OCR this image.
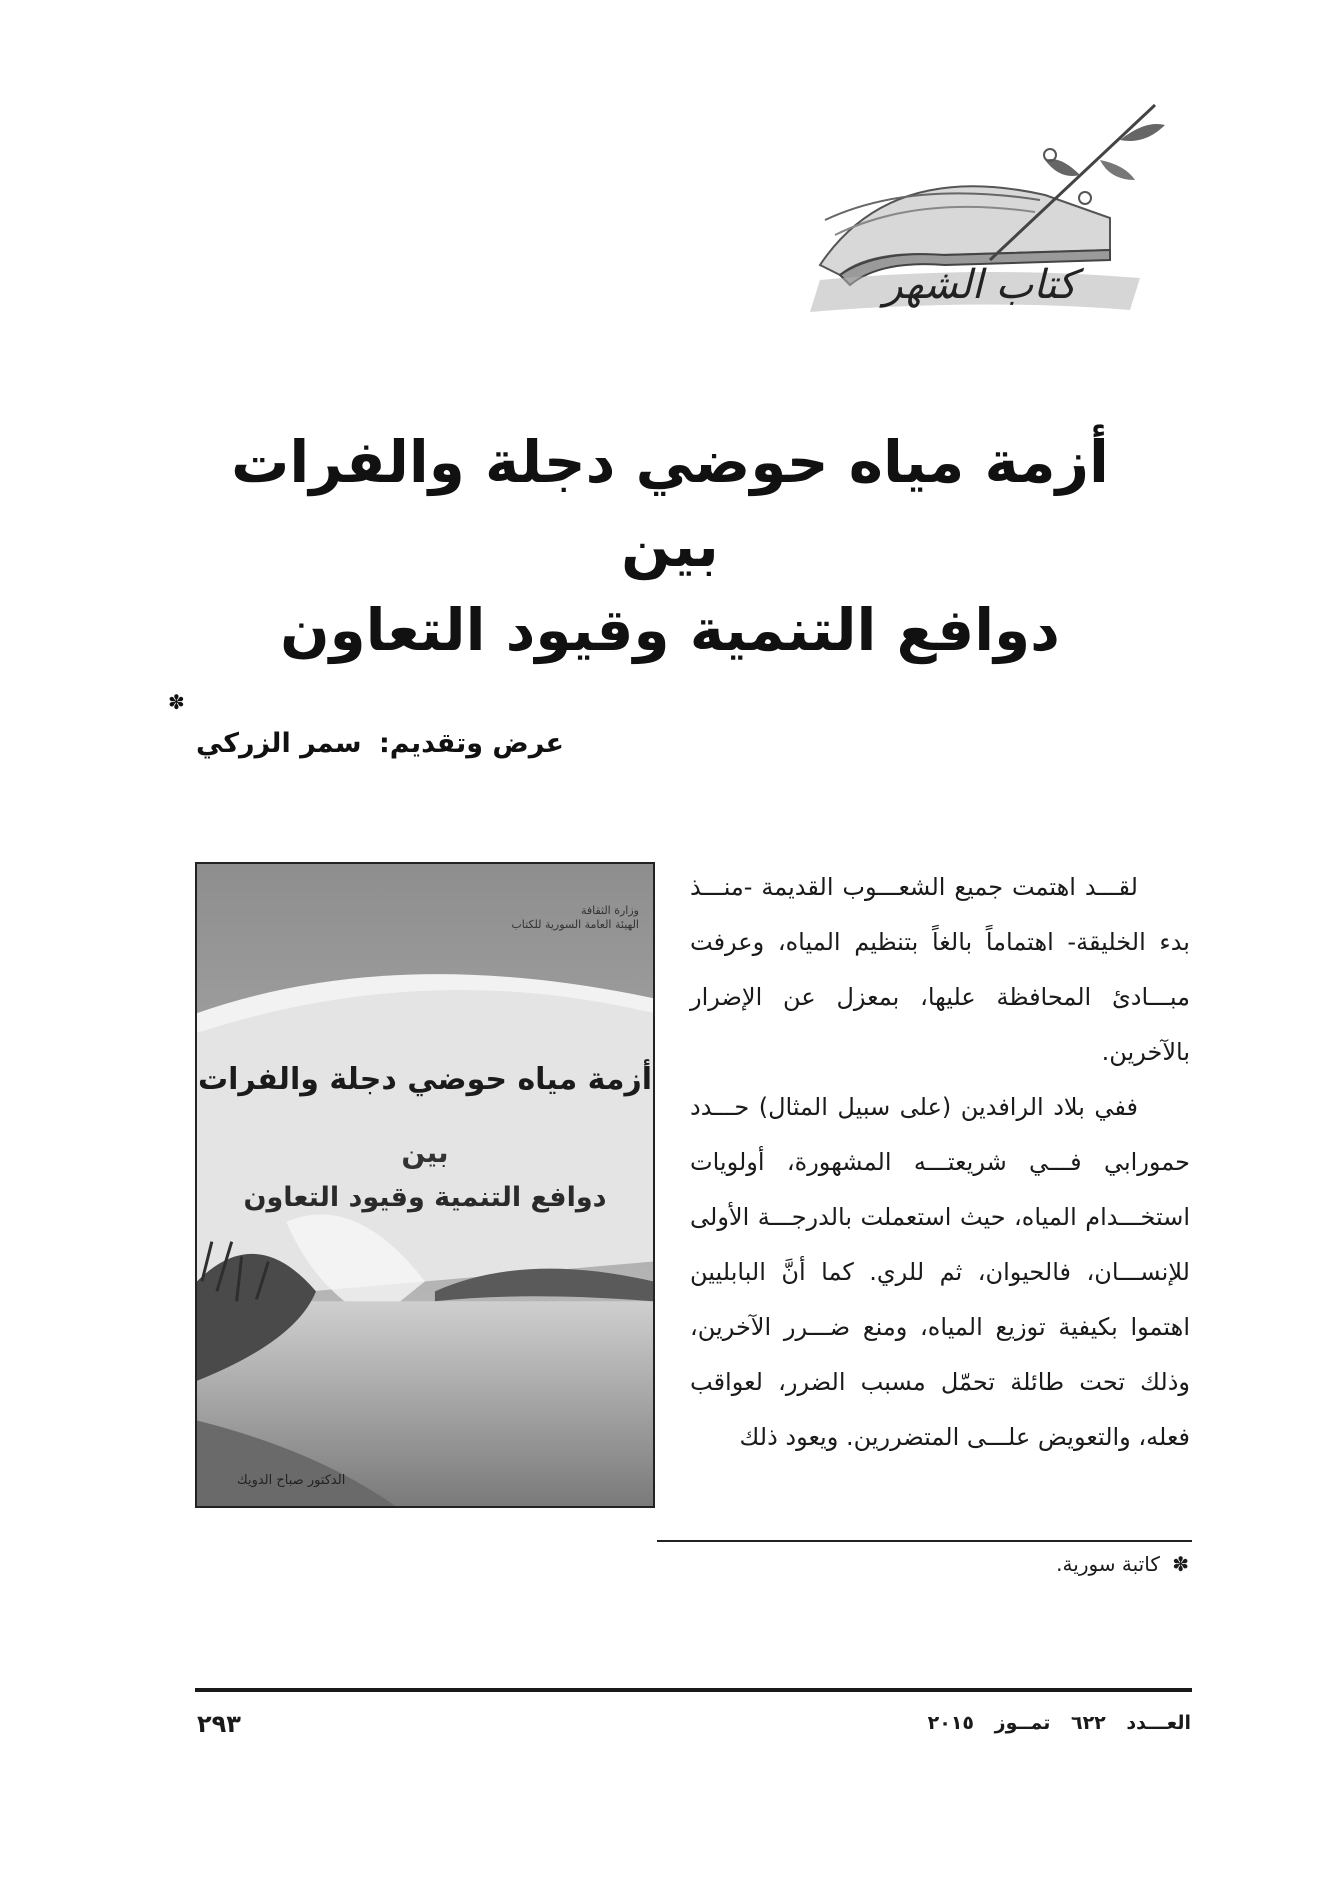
كتاب الشهر
أزمة مياه حوضي دجلة والفرات
بين
دوافع التنمية وقيود التعاون
عرض وتقديم: سمر الزركي
✽
وزارة الثقافة
الهيئة العامة السورية للكتاب
أزمة مياه حوضي دجلة والفرات
بين
دوافع التنمية وقيود التعاون
الدكتور صباح الدويك

لقـــد اهتمت جميع الشعـــوب القديمة -منـــذ بدء الخليقة- اهتماماً بالغاً بتنظيم المياه، وعرفت مبـــادئ المحافظة عليها، بمعزل عن الإضرار بالآخرين.

ففي بلاد الرافدين (على سبيل المثال) حـــدد حمورابي فـــي شريعتـــه المشهورة، أولويات استخـــدام المياه، حيث استعملت بالدرجـــة الأولى للإنســـان، فالحيوان، ثم للري. كما أنَّ البابليين اهتموا بكيفية توزيع المياه، ومنع ضـــرر الآخرين، وذلك تحت طائلة تحمّل مسبب الضرر، لعواقب فعله، والتعويض علـــى المتضررين. ويعود ذلك

✽ كاتبة سورية.
العـــدد ٦٢٢ تمــوز ٢٠١٥
٢٩٣
